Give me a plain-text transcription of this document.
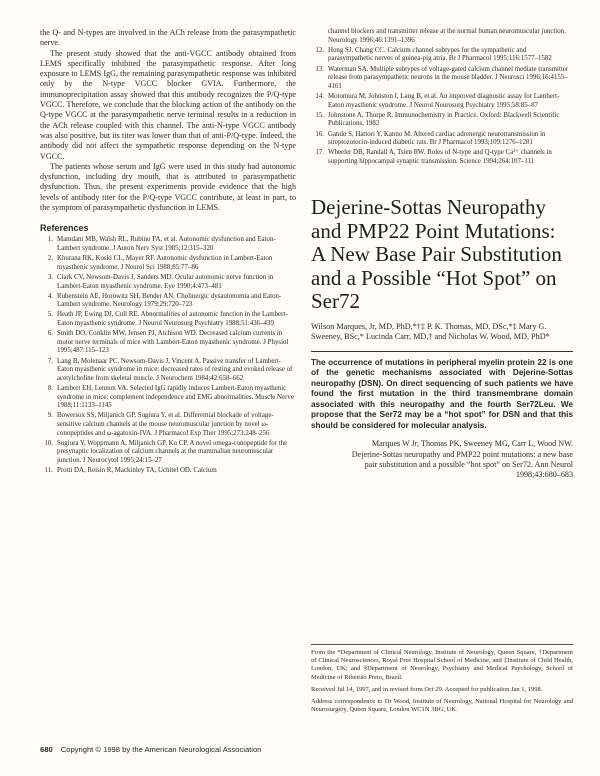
the Q- and N-types are involved in the ACh release from the parasympathetic nerve.

The present study showed that the anti-VGCC antibody obtained from LEMS specifically inhibited the parasympathetic response. After long exposure to LEMS IgG, the remaining parasympathetic response was inhibited only by the N-type VGCC blocker GVIA. Furthermore, the immunoprecipitation assay showed that this antibody recognizes the P/Q-type VGCC. Therefore, we conclude that the blocking action of the antibody on the Q-type VGCC at the parasympathetic nerve terminal results in a reduction in the ACh release coupled with this channel. The anti-N-type VGCC antibody was also positive, but its titer was lower than that of anti-P/Q-type. Indeed, the antibody did not affect the sympathetic response depending on the N-type VGCC.

The patients whose serum and IgG were used in this study had autonomic dysfunction, including dry mouth, that is attributed to parasympathetic dysfunction. Thus, the present experiments provide evidence that the high levels of antibody titer for the P/Q-type VGCC contribute, at least in part, to the symptom of parasympathetic dysfunction in LEMS.

References
1. Mamdani MB, Walsh RL, Rubino FA, et al. Autonomic dysfunction and Eaton-Lambert syndrome. J Auton Nerv Syst 1985;12:315–320
2. Khurana RK, Koski CL, Mayer RF. Autonomic dysfunction in Lambert-Eaton myasthenic syndrome. J Neurol Sci 1988;85:77–86
3. Clark CV, Newsom-Davis J, Sanders MD. Ocular autonomic nerve function in Lambert-Eaton myasthenic syndrome. Eye 1990;4:473–481
4. Rubenstein AE, Horowitz SH, Bender AN. Cholinergic dysautonomia and Eaton-Lambert syndrome. Neurology 1979;29:720–723
5. Heath JP, Ewing DJ, Cull RE. Abnormalities of autonomic function in the Lambert-Eaton myasthenic syndrome. J Neurol Neurosurg Psychiatry 1988;51:436–439
6. Smith DO, Conklin MW, Jensen PJ, Atchison WD. Decreased calcium currents in motor nerve terminals of mice with Lambert-Eaton myasthenic syndrome. J Physiol 1995;487:115–123
7. Lang B, Molenaar PC, Newsom-Davis J, Vincent A. Passive transfer of Lambert-Eaton myasthenic syndrome in mice: decreased rates of resting and evoked release of acetylcholine from skeletal muscle. J Neurochem 1984;42:658–662
8. Lambert EH, Lennon VA. Selected IgG rapidly induces Lambert-Eaton myasthenic syndrome in mice: complement independence and EMG abnormalities. Muscle Nerve 1988;11:1133–1145
9. Bowersox SS, Miljanich GP, Sugiura Y, et al. Differential blockade of voltage-sensitive calcium channels at the mouse neuromuscular junction by novel ω-conopeptides and ω-agatoxin-IVA. J Pharmacol Exp Ther 1995;273:248–256
10. Sugiura Y, Woppmann A, Miljanich GP, Ko CP. A novel omega-conopeptide for the presynaptic localization of calcium channels at the mammalian neuromuscular junction. J Neurocytol 1995;24:15–27
11. Protti DA, Reisin R, Mackinley TA, Uchitel OD. Calcium
channel blockers and transmitter release at the normal human neuromuscular junction. Neurology 1996;46:1391–1396
12. Hong SJ, Chang CC. Calcium channel subtypes for the sympathetic and parasympathetic nerves of guinea-pig atria. Br J Pharmacol 1995;116:1577–1582
13. Waterman SA. Multiple subtypes of voltage-gated calcium channel mediate transmitter release from parasympathetic neurons in the mouse bladder. J Neurosci 1996;16:4155–4161
14. Motomura M, Johnston I, Lang B, et al. An improved diagnostic assay for Lambert-Eaton myasthenic syndrome. J Neurol Neurosurg Psychiatry 1995;58:85–87
15. Johnstone A, Thorpe R. Immunochemistry in Practice. Oxford: Blackwell Scientific Publications, 1982
16. Gando S, Hattori Y, Kanno M. Altered cardiac adrenergic neurotransmission in streptozotocin-induced diabetic rats. Br J Pharmacol 1993;109:1276–1281
17. Wheeler DB, Randall A, Tsien RW. Roles of N-type and Q-type Ca²⁺ channels in supporting hippocampal synaptic transmission. Science 1994;264:107–111
Dejerine-Sottas Neuropathy and PMP22 Point Mutations: A New Base Pair Substitution and a Possible “Hot Spot” on Ser72
Wilson Marques, Jr, MD, PhD,*†‡ P. K. Thomas, MD, DSc,*‡ Mary G. Sweeney, BSc,* Lucinda Carr, MD,† and Nicholas W. Wood, MD, PhD*
The occurrence of mutations in peripheral myelin protein 22 is one of the genetic mechanisms associated with Dejerine-Sottas neuropathy (DSN). On direct sequencing of such patients we have found the first mutation in the third transmembrane domain associated with this neuropathy and the fourth Ser72Leu. We propose that the Ser72 may be a “hot spot” for DSN and that this should be considered for molecular analysis.
Marques W Jr, Thomas PK, Sweeney MG, Carr L, Wood NW. Dejerine-Sottas neuropathy and PMP22 point mutations: a new base pair substitution and a possible “hot spot” on Ser72. Ann Neurol 1998;43:680–683

From the *Department of Clinical Neurology, Institute of Neurology, Queen Square, †Department of Clinical Neurosciences, Royal Free Hospital School of Medicine, and ‡Institute of Child Health, London, UK; and §Department of Neurology, Psychiatry and Medical Psychology, School of Medicine of Ribeirão Preto, Brazil.

Received Jul 14, 1997, and in revised form Oct 29. Accepted for publication Jan 1, 1998.

Address correspondence to Dr Wood, Institute of Neurology, National Hospital for Neurology and Neurosurgery, Queen Square, London WC1N 3BG, UK.

680 Copyright © 1998 by the American Neurological Association
